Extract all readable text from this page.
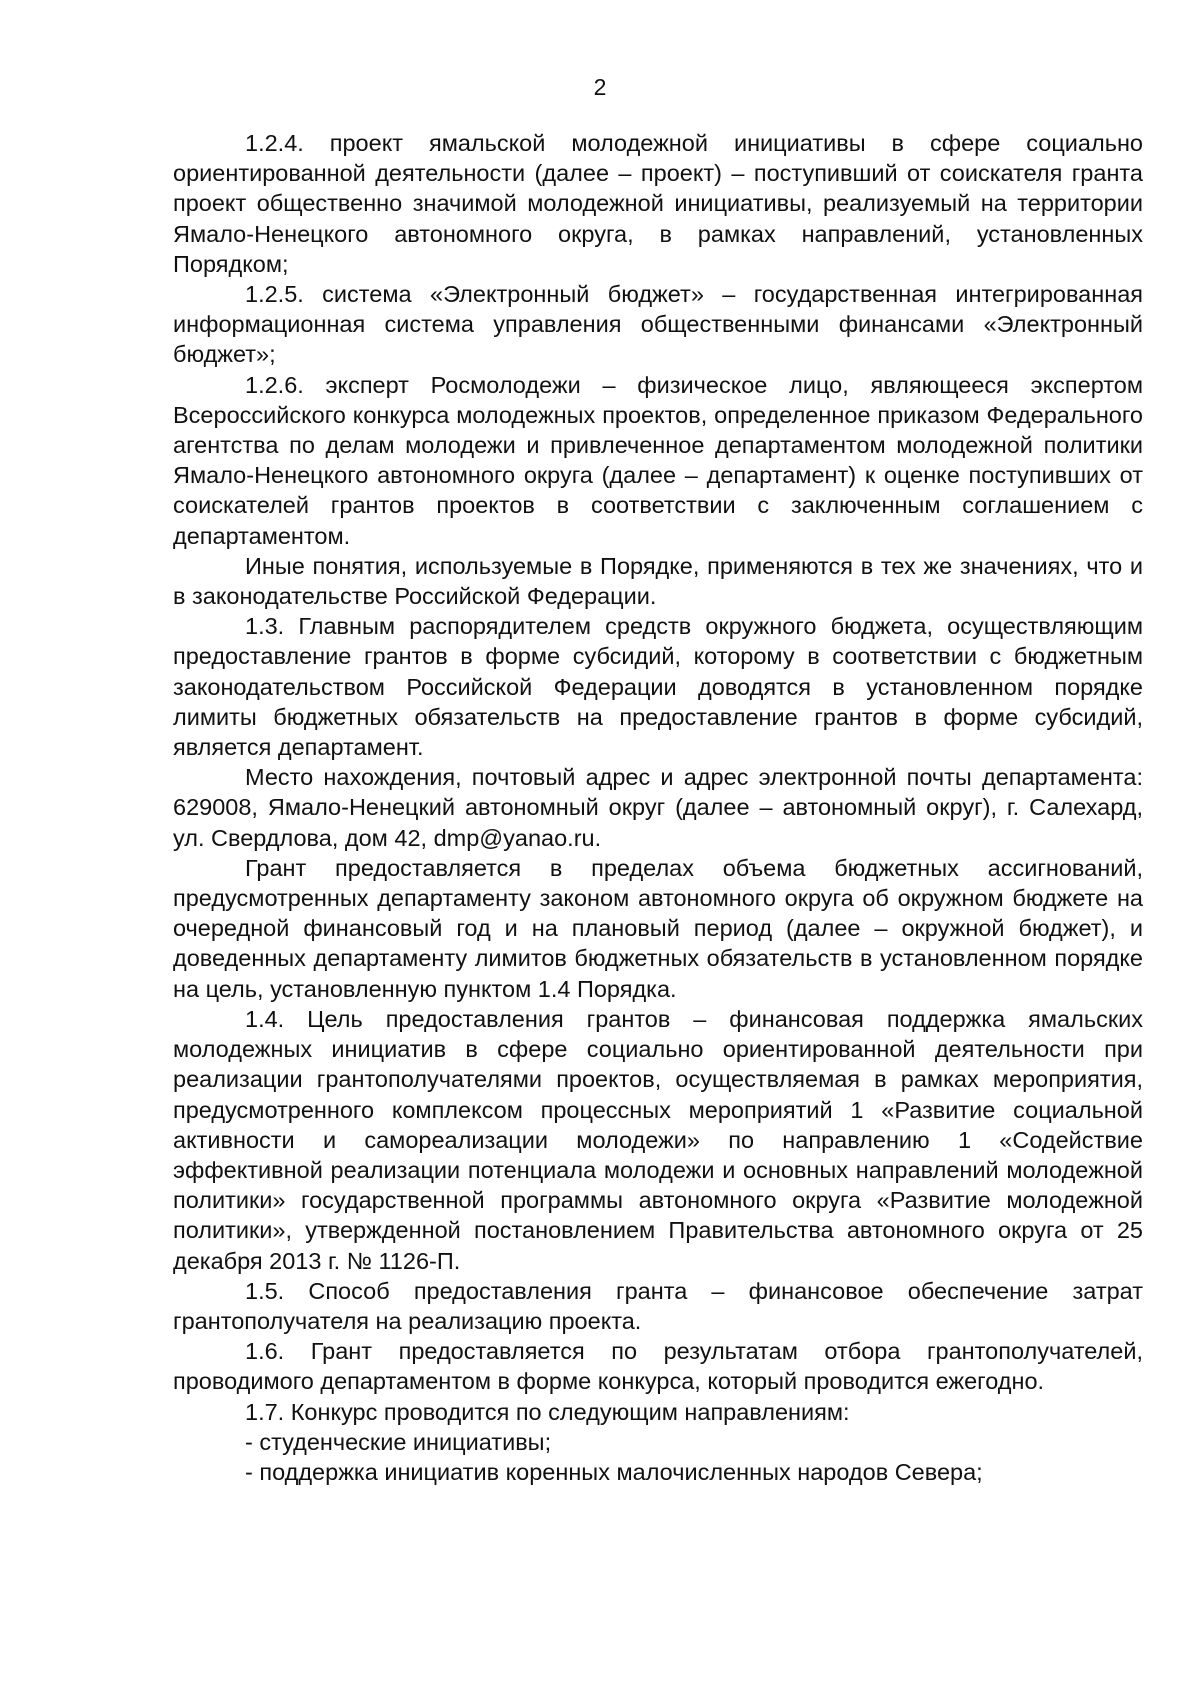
2

1.2.4. проект ямальской молодежной инициативы в сфере социально ориентированной деятельности (далее – проект) – поступивший от соискателя гранта проект общественно значимой молодежной инициативы, реализуемый на территории Ямало-Ненецкого автономного округа, в рамках направлений, установленных Порядком;

1.2.5. система «Электронный бюджет» – государственная интегрированная информационная система управления общественными финансами «Электронный бюджет»;

1.2.6. эксперт Росмолодежи – физическое лицо, являющееся экспертом Всероссийского конкурса молодежных проектов, определенное приказом Федерального агентства по делам молодежи и привлеченное департаментом молодежной политики Ямало-Ненецкого автономного округа (далее – департамент) к оценке поступивших от соискателей грантов проектов в соответствии с заключенным соглашением с департаментом.

Иные понятия, используемые в Порядке, применяются в тех же значениях, что и в законодательстве Российской Федерации.

1.3. Главным распорядителем средств окружного бюджета, осуществляющим предоставление грантов в форме субсидий, которому в соответствии с бюджетным законодательством Российской Федерации доводятся в установленном порядке лимиты бюджетных обязательств на предоставление грантов в форме субсидий, является департамент.

Место нахождения, почтовый адрес и адрес электронной почты департамента: 629008, Ямало-Ненецкий автономный округ (далее – автономный округ), г. Салехард, ул. Свердлова, дом 42, dmp@yanao.ru.

Грант предоставляется в пределах объема бюджетных ассигнований, предусмотренных департаменту законом автономного округа об окружном бюджете на очередной финансовый год и на плановый период (далее – окружной бюджет), и доведенных департаменту лимитов бюджетных обязательств в установленном порядке на цель, установленную пунктом 1.4 Порядка.

1.4. Цель предоставления грантов – финансовая поддержка ямальских молодежных инициатив в сфере социально ориентированной деятельности при реализации грантополучателями проектов, осуществляемая в рамках мероприятия, предусмотренного комплексом процессных мероприятий 1 «Развитие социальной активности и самореализации молодежи» по направлению 1 «Содействие эффективной реализации потенциала молодежи и основных направлений молодежной политики» государственной программы автономного округа «Развитие молодежной политики», утвержденной постановлением Правительства автономного округа от 25 декабря 2013 г. № 1126-П.

1.5. Способ предоставления гранта – финансовое обеспечение затрат грантополучателя на реализацию проекта.

1.6. Грант предоставляется по результатам отбора грантополучателей, проводимого департаментом в форме конкурса, который проводится ежегодно.

1.7. Конкурс проводится по следующим направлениям:

- студенческие инициативы;

- поддержка инициатив коренных малочисленных народов Севера;
